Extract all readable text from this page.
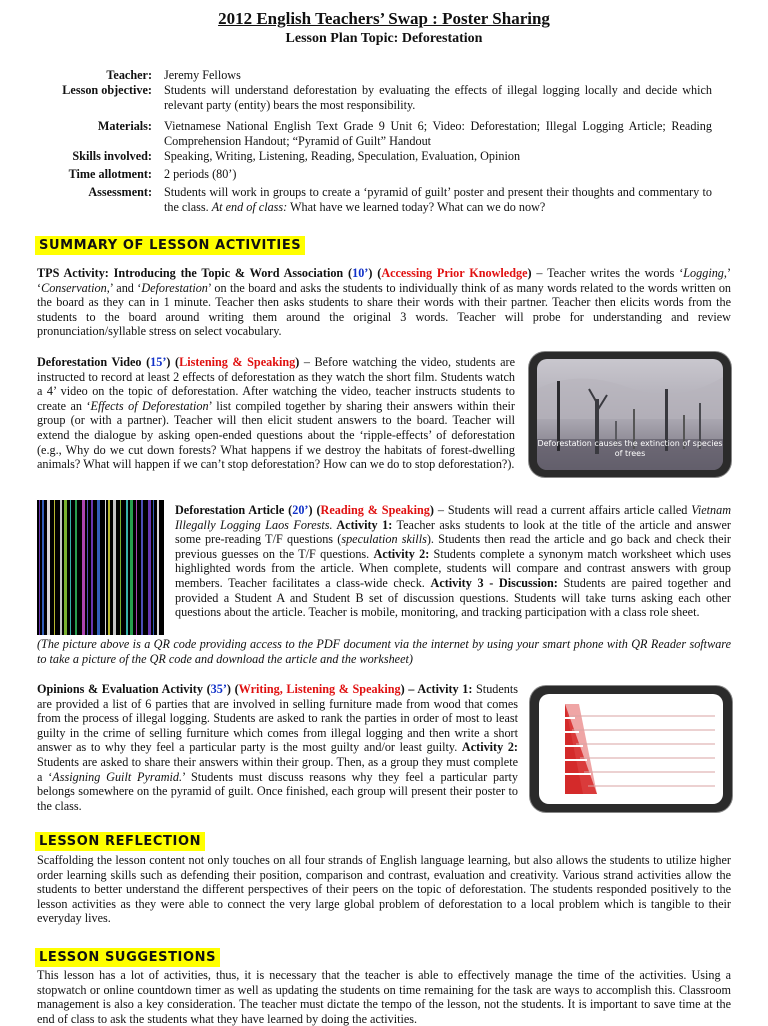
2012 English Teachers’ Swap : Poster Sharing
Lesson Plan Topic: Deforestation
Teacher: Jeremy Fellows
Lesson objective: Students will understand deforestation by evaluating the effects of illegal logging locally and decide which relevant party (entity) bears the most responsibility.
Materials: Vietnamese National English Text Grade 9 Unit 6; Video: Deforestation; Illegal Logging Article; Reading Comprehension Handout; “Pyramid of Guilt” Handout
Skills involved: Speaking, Writing, Listening, Reading, Speculation, Evaluation, Opinion
Time allotment: 2 periods (80’)
Assessment: Students will work in groups to create a ‘pyramid of guilt’ poster and present their thoughts and commentary to the class. At end of class: What have we learned today? What can we do now?
SUMMARY OF LESSON ACTIVITIES
TPS Activity: Introducing the Topic & Word Association (10’) (Accessing Prior Knowledge) – Teacher writes the words ‘Logging,’ ‘Conservation,’ and ‘Deforestation’ on the board and asks the students to individually think of as many words related to the words written on the board as they can in 1 minute. Teacher then asks students to share their words with their partner. Teacher then elicits words from the students to the board around writing them around the original 3 words. Teacher will probe for understanding and review pronunciation/syllable stress on select vocabulary.
Deforestation Video (15’) (Listening & Speaking) – Before watching the video, students are instructed to record at least 2 effects of deforestation as they watch the short film. Students watch a 4’ video on the topic of deforestation. After watching the video, teacher instructs students to create an ‘Effects of Deforestation’ list compiled together by sharing their answers within their group (or with a partner). Teacher will then elicit student answers to the board. Teacher will extend the dialogue by asking open-ended questions about the ‘ripple-effects’ of deforestation (e.g., Why do we cut down forests? What happens if we destroy the habitats of forest-dwelling animals? What will happen if we can’t stop deforestation? How can we do to stop deforestation?).
Deforestation causes the extinction of species of trees
Deforestation Article (20’) (Reading & Speaking) – Students will read a current affairs article called Vietnam Illegally Logging Laos Forests. Activity 1: Teacher asks students to look at the title of the article and answer some pre-reading T/F questions (speculation skills). Students then read the article and go back and check their previous guesses on the T/F questions. Activity 2: Students complete a synonym match worksheet which uses highlighted words from the article. When complete, students will compare and contrast answers with group members. Teacher facilitates a class-wide check. Activity 3 - Discussion: Students are paired together and provided a Student A and Student B set of discussion questions. Students will take turns asking each other questions about the article. Teacher is mobile, monitoring, and tracking participation with a class role sheet.
(The picture above is a QR code providing access to the PDF document via the internet by using your smart phone with QR Reader software to take a picture of the QR code and download the article and the worksheet)
Opinions & Evaluation Activity (35’) (Writing, Listening & Speaking) – Activity 1: Students are provided a list of 6 parties that are involved in selling furniture made from wood that comes from the process of illegal logging. Students are asked to rank the parties in order of most to least guilty in the crime of selling furniture which comes from illegal logging and then write a short answer as to why they feel a particular party is the most guilty and/or least guilty. Activity 2: Students are asked to share their answers within their group. Then, as a group they must complete a ‘Assigning Guilt Pyramid.’ Students must discuss reasons why they feel a particular party belongs somewhere on the pyramid of guilt. Once finished, each group will present their poster to the class.
LESSON REFLECTION
Scaffolding the lesson content not only touches on all four strands of English language learning, but also allows the students to utilize higher order learning skills such as defending their position, comparison and contrast, evaluation and creativity. Various strand activities allow the students to better understand the different perspectives of their peers on the topic of deforestation. The students responded positively to the lesson activities as they were able to connect the very large global problem of deforestation to a local problem which is tangible to their everyday lives.
LESSON SUGGESTIONS
This lesson has a lot of activities, thus, it is necessary that the teacher is able to effectively manage the time of the activities. Using a stopwatch or online countdown timer as well as updating the students on time remaining for the task are ways to accomplish this. Classroom management is also a key consideration. The teacher must dictate the tempo of the lesson, not the students. It is important to save time at the end of class to ask the students what they have learned by doing the activities.
